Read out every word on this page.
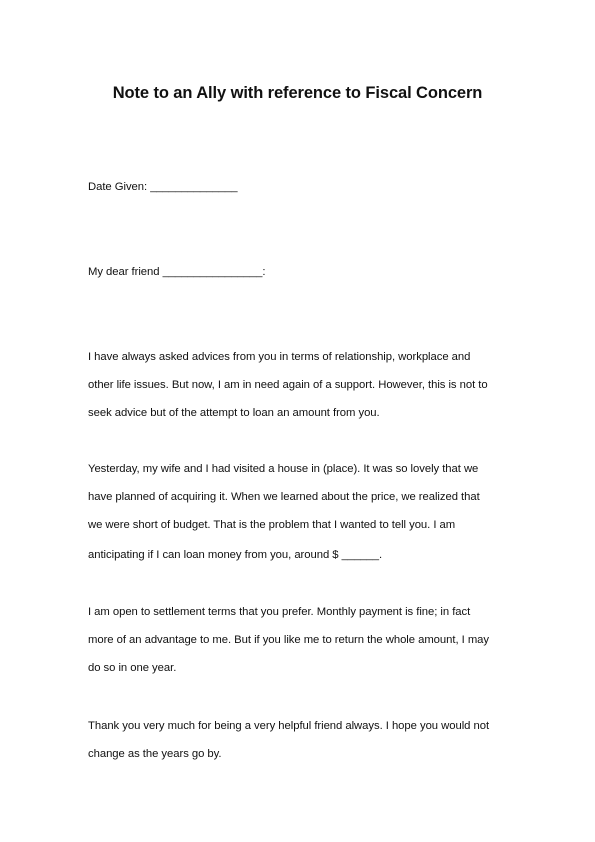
Note to an Ally with reference to Fiscal Concern
Date Given: ______________
My dear friend ________________:
I have always asked advices from you in terms of relationship, workplace and
other life issues. But now, I am in need again of a support. However, this is not to
seek advice but of the attempt to loan an amount from you.
Yesterday, my wife and I had visited a house in (place). It was so lovely that we
have planned of acquiring it. When we learned about the price, we realized that
we were short of budget. That is the problem that I wanted to tell you. I am
anticipating if I can loan money from you, around $ ______.
I am open to settlement terms that you prefer. Monthly payment is fine; in fact
more of an advantage to me. But if you like me to return the whole amount, I may
do so in one year.
Thank you very much for being a very helpful friend always. I hope you would not
change as the years go by.
